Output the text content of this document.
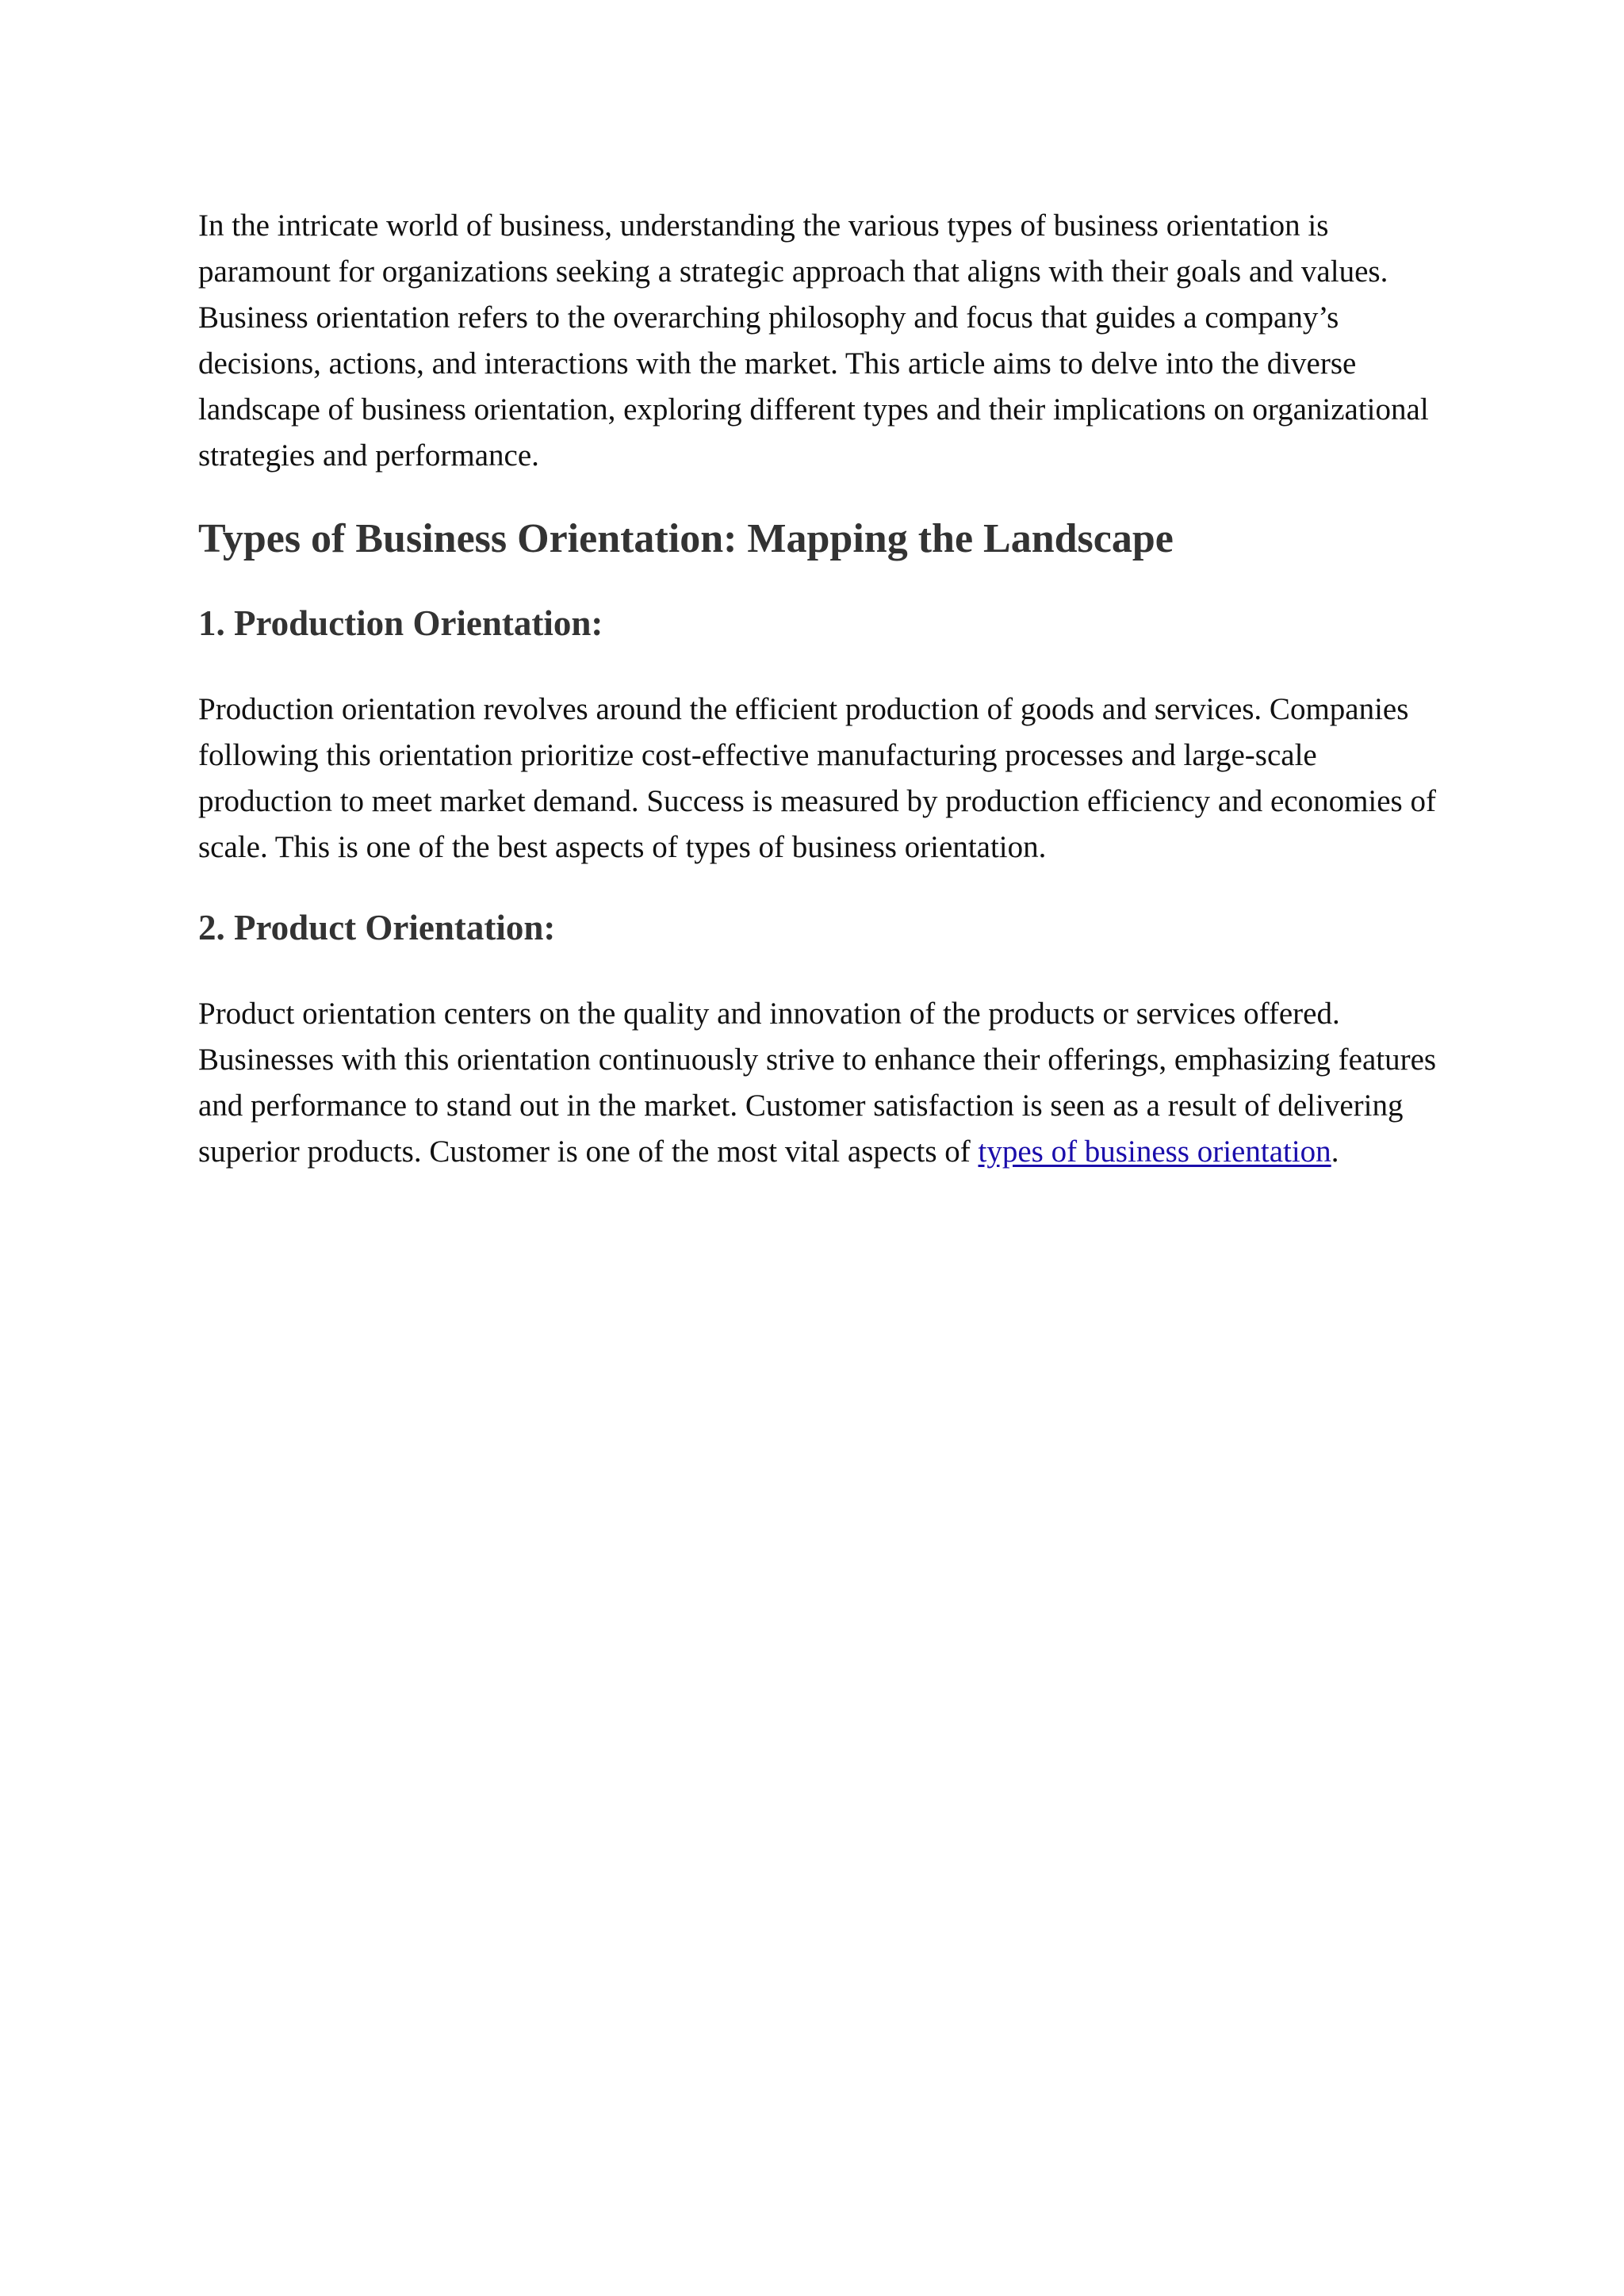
In the intricate world of business, understanding the various types of business orientation is paramount for organizations seeking a strategic approach that aligns with their goals and values. Business orientation refers to the overarching philosophy and focus that guides a company’s decisions, actions, and interactions with the market. This article aims to delve into the diverse landscape of business orientation, exploring different types and their implications on organizational strategies and performance.

Types of Business Orientation: Mapping the Landscape
1. Production Orientation:

Production orientation revolves around the efficient production of goods and services. Companies following this orientation prioritize cost-effective manufacturing processes and large-scale production to meet market demand. Success is measured by production efficiency and economies of scale. This is one of the best aspects of types of business orientation.

2. Product Orientation:

Product orientation centers on the quality and innovation of the products or services offered. Businesses with this orientation continuously strive to enhance their offerings, emphasizing features and performance to stand out in the market. Customer satisfaction is seen as a result of delivering superior products. Customer is one of the most vital aspects of types of business orientation.
